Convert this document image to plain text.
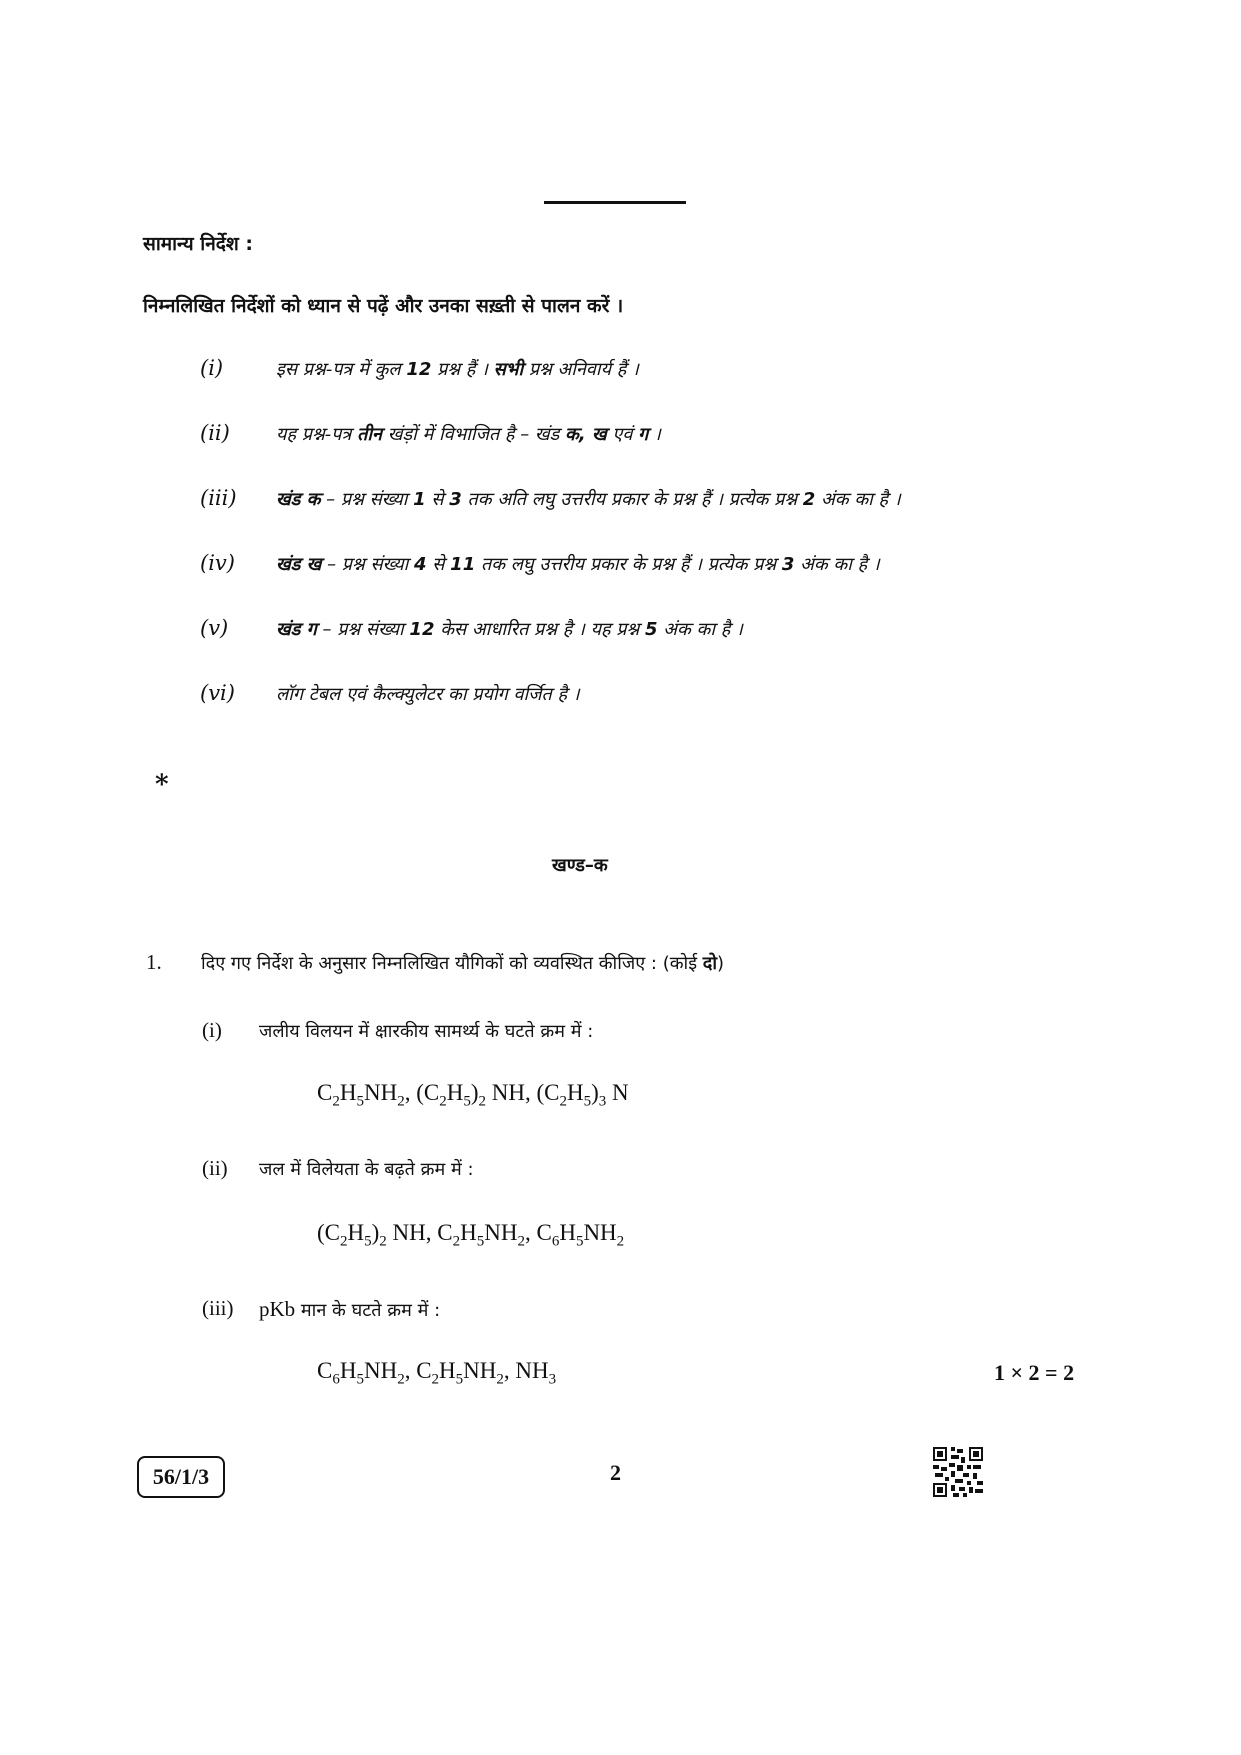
सामान्य निर्देश :
निम्नलिखित निर्देशों को ध्यान से पढ़ें और उनका सख़्ती से पालन करें ।
(i)	इस प्रश्न-पत्र में कुल 12 प्रश्न हैं । सभी प्रश्न अनिवार्य हैं ।
(ii)	यह प्रश्न-पत्र तीन खंड़ों में विभाजित है – खंड क, ख एवं ग ।
(iii) खंड क – प्रश्न संख्या 1 से 3 तक अति लघु उत्तरीय प्रकार के प्रश्न हैं । प्रत्येक प्रश्न 2 अंक का है ।
(iv) खंड ख – प्रश्न संख्या 4 से 11 तक लघु उत्तरीय प्रकार के प्रश्न हैं । प्रत्येक प्रश्न 3 अंक का है ।
(v)	खंड ग – प्रश्न संख्या 12 केस आधारित प्रश्न है । यह प्रश्न 5 अंक का है ।
(vi) लॉग टेबल एवं कैल्क्युलेटर का प्रयोग वर्जित है ।
*
खण्ड–क
1. दिए गए निर्देश के अनुसार निम्नलिखित यौगिकों को व्यवस्थित कीजिए : (कोई दो)
(i) जलीय विलयन में क्षारकीय सामर्थ्य के घटते क्रम में :
$C_2H_5NH_2$, $(C_2H_5)_2$ NH, $(C_2H_5)_3$ N
(ii) जल में विलेयता के बढ़ते क्रम में :
$(C_2H_5)_2$ NH, $C_2H_5NH_2$, $C_6H_5NH_2$
(iii) pKb मान के घटते क्रम में :
$C_6H_5NH_2$, $C_2H_5NH_2$, $NH_3$	1 × 2 = 2
56/1/3	2
